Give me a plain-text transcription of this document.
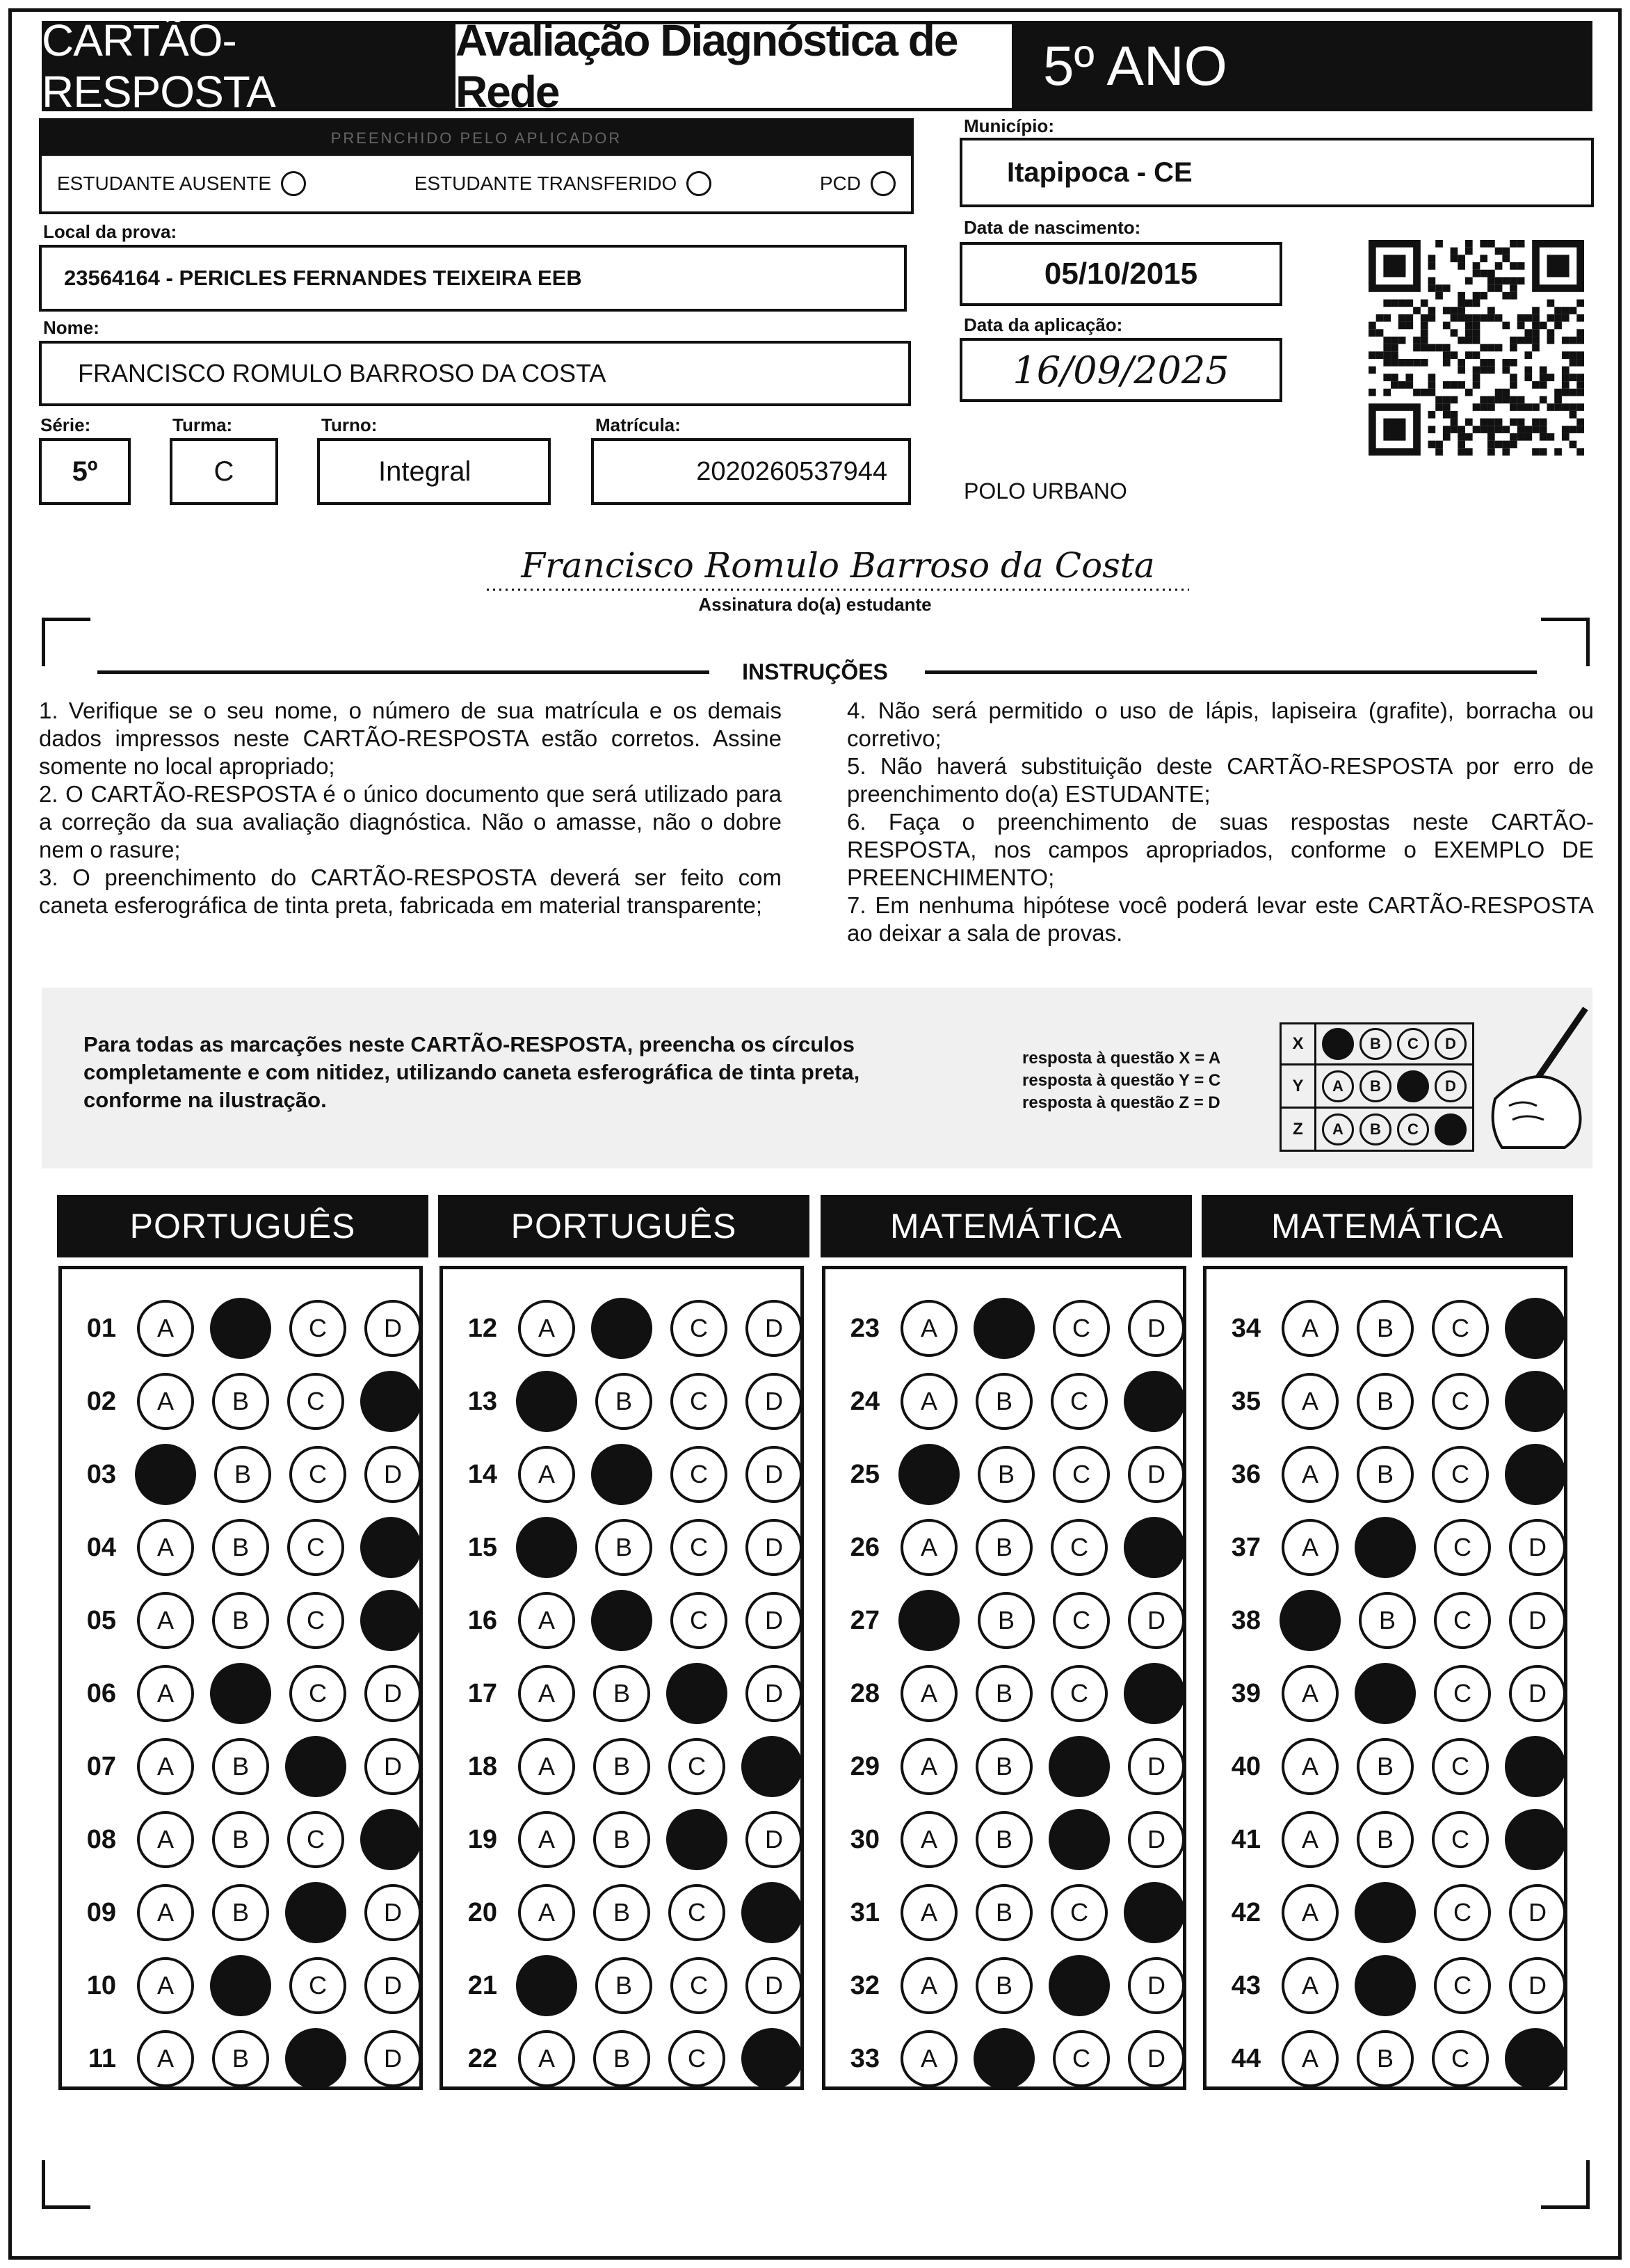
CARTÃO-RESPOSTA
Avaliação Diagnóstica de Rede	5º ANO
PREENCHIDO PELO APLICADOR
ESTUDANTE AUSENTE	ESTUDANTE TRANSFERIDO	PCD
Município:
Itapipoca - CE
Local da prova:
23564164 - PERICLES FERNANDES TEIXEIRA EEB
Data de nascimento:
05/10/2015
Data da aplicação:
16/09/2025
Nome:
FRANCISCO ROMULO BARROSO DA COSTA
Série:
5º
Turma:
C
Turno:
Integral
Matrícula:
2020260537944
POLO URBANO
Francisco Romulo Barroso da Costa
Assinatura do(a) estudante
INSTRUÇÕES

1. Verifique se o seu nome, o número de sua matrícula e os demais dados impressos neste CARTÃO-RESPOSTA estão corretos. Assine somente no local apropriado;

2. O CARTÃO-RESPOSTA é o único documento que será utilizado para a correção da sua avaliação diagnóstica. Não o amasse, não o dobre nem o rasure;

3. O preenchimento do CARTÃO-RESPOSTA deverá ser feito com caneta esferográfica de tinta preta, fabricada em material transparente;

4. Não será permitido o uso de lápis, lapiseira (grafite), borracha ou corretivo;

5. Não haverá substituição deste CARTÃO-RESPOSTA por erro de preenchimento do(a) ESTUDANTE;

6. Faça o preenchimento de suas respostas neste CARTÃO-RESPOSTA, nos campos apropriados, conforme o EXEMPLO DE PREENCHIMENTO;

7. Em nenhuma hipótese você poderá levar este CARTÃO-RESPOSTA ao deixar a sala de provas.

Para todas as marcações neste CARTÃO-RESPOSTA, preencha os círculos completamente e com nitidez, utilizando caneta esferográfica de tinta preta, conforme na ilustração.
resposta à questão X = A
resposta à questão Y = C
resposta à questão Z = D
X	A	B	C	D
Y	A	B	C	D
Z	A	B	C	D
PORTUGUÊS
01	A	B	C	D
02	A	B	C	D
03	A	B	C	D
04	A	B	C	D
05	A	B	C	D
06	A	B	C	D
07	A	B	C	D
08	A	B	C	D
09	A	B	C	D
10	A	B	C	D
11	A	B	C	D
PORTUGUÊS
12	A	B	C	D
13	A	B	C	D
14	A	B	C	D
15	A	B	C	D
16	A	B	C	D
17	A	B	C	D
18	A	B	C	D
19	A	B	C	D
20	A	B	C	D
21	A	B	C	D
22	A	B	C	D
MATEMÁTICA
23	A	B	C	D
24	A	B	C	D
25	A	B	C	D
26	A	B	C	D
27	A	B	C	D
28	A	B	C	D
29	A	B	C	D
30	A	B	C	D
31	A	B	C	D
32	A	B	C	D
33	A	B	C	D
MATEMÁTICA
34	A	B	C	D
35	A	B	C	D
36	A	B	C	D
37	A	B	C	D
38	A	B	C	D
39	A	B	C	D
40	A	B	C	D
41	A	B	C	D
42	A	B	C	D
43	A	B	C	D
44	A	B	C	D
